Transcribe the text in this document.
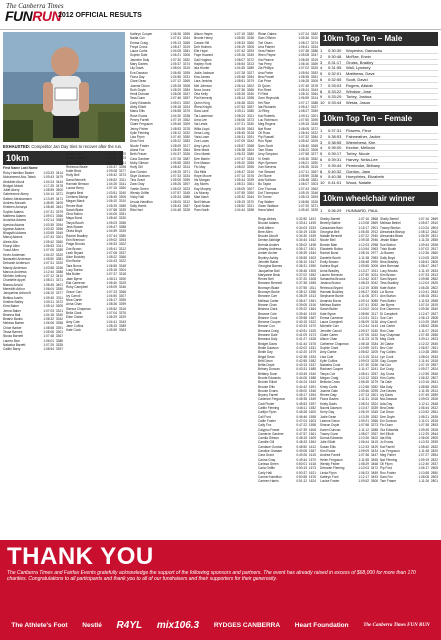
The Canberra Times
FUNRUN
2012 OFFICIAL RESULTS
EXHAUSTED: Competitor Jan Day tries to recover after the run.
10km
First Name Last Name
Ruby Hamilton Baxter	1:03:33 3414
Mohammed Abo-Tabuk	1:09:43 3479
Abdullah Aboul	1:04:24 3444
Bridget Abbott	1:17:25 3478
Juliet Abery	1:08:59 3500
Gabrieenne Abery	1:04:14 3371
Sabine Abrahamsen	1:13:49 3471
Andrew Abroath	1:46:50 3409
Kirsteen Acharya	1:08:46 3461
Sophie Adams	1:07:31 3379
Matthew Adams	1:09:01 3366
Anushka Adams	1:02:14 3383
Ayesha Adams	1:03:39 3394
Agnese Adams	1:03:32 3356
Bhagsthi Adams	1:03:59 3349
Manoj Adams	1:07:43 3301
Alexis Alla	1:05:42 3360
Kharyl Allen	1:06:53 3311
Yusuf Allen	1:07:05 3289
Kevin Andersen	1:04:22 3320
Navarathi Anderson	1:05:50 3381
Deborah Anderson	1:07:31 3320
Mandy Anderson	1:03:58 3336
Marcus Andrews	1:12:44 3388
Michele Anthony	1:07:12 3410
Chantelle Appel	1:08:21 3371
Bianca Arnold	1:08:45 3401
Meredith Arthur	1:06:04 3350
Jacqueline Ashcroft	1:06:10 3377
Bettina Austin	1:09:45 3311
Kristine Bailey	1:05:11 3372
Kirra Baker	1:05:14 3305
Jenna Baker	1:07:03 3321
Brianna Ball	1:04:18 3340
Beatriz Banks	1:08:32 3342
Melissa Barber	1:06:06 3358
Chloe Barker	1:08:58 3391
Tessa Barnes	1:05:06 3301
Nicola Barnett	1:07:48 3367
Lauren Barr	1:06:01 3386
Natasha Barrett	1:07:25 3335
Caitlin Barry	1:08:54 3397
Amber Bass	1:03:30 3370
Anabel Batten	1:05:37 3303
Kelly Baxter	1:08:03 3361
Rebecca Beale	1:04:47 3398
Katie Beck	1:09:08 3377
Holly Bell	1:05:42 3373
Dana Bennett	1:06:52 3311
Hannah Benson	1:04:26 3341
Louise Berry	1:07:16 3360
Angela Best	1:03:51 3340
Chelsea Bishop	1:08:49 3306
Megan Black	1:06:10 3310
Renee Blair	1:05:25 3385
Sarah Blake	1:07:58 3339
Gina Bolton	1:04:06 3351
Maya Bond	1:08:40 3330
Tanya Booth	1:05:03 3356
Jess Bowen	1:06:47 3388
Olivia Boyd	1:04:59 3339
Rachel Bradley	1:07:44 3380
Erin Brennan	1:09:02 3393
Paige Brooks	1:06:33 3302
Zoe Brown	1:05:41 3312
Leah Bryant	1:07:08 3337
Alice Buckley	1:08:22 3366
Kim Burke	1:04:33 3322
Tara Burns	1:06:55 3348
Lucy Burton	1:05:18 3304
Mia Butler	1:07:37 3318
Jade Byrne	1:08:11 3390
Ella Cameron	1:06:40 3325
Ruby Campbell	1:05:09 3346
Grace Carr	1:07:23 3368
Ivy Carroll	1:04:50 3307
Nina Carter	1:06:17 3355
Anna Chan	1:08:36 3399
Sienna Chapman	1:05:52 3316
Bella Clark	1:07:04 3376
Elise Clarke	1:06:29 3329
Amy Cole	1:04:41 3343
Jane Collins	1:08:15 3389
Kate Cook	1:05:59 3363
Kathryn Cooper	1:06:36 3396
Nadia Cox	1:07:51 3344
Emma Craig	1:05:13 3365
Freya Cross	1:08:47 3319
Laura Curtis	1:04:08 3381
Sophie Dale	1:06:21 3306
Jasmine Daly	1:07:30 3352
Mary Davies	1:05:37 3374
Lily Davis	1:08:04 3315
Eva Dawson	1:06:45 3395
Fiona Day	1:04:55 3331
Clare Dean	1:07:12 3369
Joanne Dixon	1:05:28 3308
Ruth Doyle	1:08:29 3384
Heidi Duncan	1:06:08 3347
Tess Dunn	1:07:46 3357
Carly Edwards	1:05:01 3392
Abby Elliott	1:08:18 3324
Maria Ellis	1:06:58 3375
Rose Evans	1:04:30 3338
Penny Farrell	1:07:19 3362
Claire Ferguson	1:05:46 3309
Jenny Fisher	1:08:53 3378
Kylie Fleming	1:06:12 3332
Lisa Flynn	1:07:40 3350
Dina Ford	1:05:22 3383
Nicole Foster	1:08:09 3317
Alana Fox	1:06:49 3364
Beth Fraser	1:04:37 3326
Cara Gardner	1:07:26 3387
Molly Gibson	1:05:55 3353
Holly Gill	1:08:42 3314
Ava Gordon	1:06:25 3371
Skye Graham	1:07:33 3334
Tina Grant	1:05:05 3359
Zara Gray	1:08:26 3397
Yvette Green	1:06:03 3323
Wendy Griffin	1:07:57 3345
Vicky Hall	1:05:34 3386
Ursula Hamilton	1:08:00 3312
Sally Harris	1:06:43 3367
Rita Hart	1:04:48 3328
Alison Hayes	1:07:15 3382
Bronte Henry	1:05:50 3336
Cassie Hill	1:08:33 3360
Deb Holmes	1:06:19 3305
Elle Hope	1:07:42 3393
Faye Howard	1:05:16 3349
Gail Hughes	1:08:07 3372
Hayley Hunt	1:06:54 3313
Isla Hunter	1:04:35 3389
Jodie Jackson	1:07:28 3327
Kira James	1:05:48 3354
Lara Jenkins	1:08:51 3379
Mel Johnson	1:06:14 3302
Nora Jones	1:07:36 3366
Orla Kelly	1:05:26 3340
Pia Kennedy	1:08:14 3398
Quinn King	1:06:38 3320
Rhea Knight	1:07:53 3357
Sara Lane	1:05:11 3385
Tia Lawrence	1:08:24 3311
Uma Lee	1:06:06 3373
Val Lewis	1:07:21 3330
Willa Lloyd	1:05:39 3363
Xena Long	1:08:45 3318
Yara Lowe	1:06:31 3391
Zoe Lucas	1:07:09 3342
Amy Lynch	1:05:57 3368
Bree Mack	1:08:38 3304
Cleo Marsh	1:06:23 3380
Dee Martin	1:07:47 3333
Eve Mason	1:05:20 3355
Flo May	1:08:02 3396
Gia Mills	1:06:47 3316
Hope Moore	1:07:14 3376
Iris Morgan	1:05:44 3339
Joy Morris	1:08:31 3361
Kay Murphy	1:06:09 3307
Liv Murray	1:07:55 3390
Mae Nash	1:05:32 3344
Nell Nelson	1:08:19 3370
Opal Nolan	1:06:52 3321
Pam North	1:04:44 3358
Rhian Oakes	1:07:24 3382
Sian O'Brien	1:05:36 3310
Tori Owen	1:08:17 3374
Una Palmer	1:06:41 3334
Vera Parker	1:07:38 3386
Wren Payne	1:05:08 3347
Xia Pearce	1:08:49 3319
Yas Perry	1:06:16 3369
Zia Phillips	1:07:02 3325
Ana Porter	1:05:54 3392
Bea Powell	1:08:35 3351
Cat Price	1:06:28 3306
Di Quinn	1:07:45 3378
Em Reed	1:05:24 3343
Fi Reid	1:08:10 3364
Gem Reynolds	1:06:59 3314
Hel Rice	1:07:17 3388
Ida Richards	1:05:47 3337
Jo Riley	1:08:27 3359
Kat Roberts	1:06:11 3301
Lou Robinson	1:07:50 3395
Meg Rogers	1:05:15 3348
Nat Rose	1:08:05 3372
Oli Ross	1:06:44 3322
Pip Russell	1:07:32 3384
Roo Ryan	1:05:42 3329
Sam Scott	1:08:40 3365
Tam Shaw	1:06:22 3308
Ursy Simpson	1:07:58 3377
Vi Smith	1:05:30 3352
Wyn Spencer	1:08:21 3390
Xan Stevens	1:06:35 3315
Yve Stewart	1:07:11 3367
Zel Stone	1:05:59 3338
Ada Sullivan	1:08:48 3381
Bo Taylor	1:06:07 3303
Cee Thomas	1:07:43 3362
Dot Thompson	1:05:19 3346
Eli Turner	1:08:13 3393
Fay Walker	1:06:56 3326
Gwen Wallace	1:07:29 3371
Hana Ward	1:05:40 3335
10km Top Ten – Male
1	0:30:30	Woyesha, Gamachu
2	0:30:48	McRae, Erwin
3	0:31:17	Groiss, Bradley
4	0:31:55	Wall, Lyndsey
5	0:32:01	Matthews, Dave
6	0:32:55	Scott, David
7	0:33:03	Rogers, Alistair
8	0:33:22	Windsor, Jose
9	0:33:29	Torley, Joshua
10 0:33:44	Westa, Jason
10km Top Ten – Female
1	0:37:31	Flowers, Fleur
2	0:38:53	Fairweather, Jackie
3	0:38:55	Wieneberst, Kim
4	0:39:00	Kecher, Melinda
5	0:39:17	Torley, Nicole
6	0:39:31	Harvey, Nella-Lee
7	0:39:44	Pembroke, Brittany
8	0:40:32	Gordon, Jane
9	0:40:38	Humphries, Elizabeth
10 0:41:01	Wood, Natalie
10km wheelchair winner
1	0:36:29	HUNNARD, PAUL
Ringo Abbey	0:32:50 1491
Brooke Adams	0:33:41 1495
Kelli Aitken	0:34:03 1533
Bree Allen	0:34:19 1536
Brooke Alcroft	0:34:30 1539
Denise Aldridge	0:34:44 1542
Brenda Anders	0:35:02 1498
Ainsley Andrews	0:35:17 1501
Amber Archer	0:35:39 1544
Brynley Ashby	0:35:55 1503
Jennifer Baker	0:36:10 1547
Georgina Barnes	0:36:31 1550
Jacqueline Ball	0:36:46 1505
Maryanne Beck	0:37:02 1552
Renee Bell	0:37:20 1508
Breanne Bennett	0:37:38 1555
Bronwyn Blake	0:37:55 1511
Bronwyn Burke	0:38:12 1558
Breanne Carr	0:38:29 1513
Melissa Carter	0:38:47 1561
Breann Chan	0:39:05 1516
Brianna Clark	0:39:22 1564
Brearne Cole	0:39:40 1519
Brianne Cook	0:39:58 1567
Brearne Cooper	0:40:15 1522
Breann Cox	0:40:33 1570
Breanna Craig	0:40:51 1525
Breanne Dale	0:41:09 1573
Breanna Daly	0:41:27 1528
Bridget Davis	0:41:44 1576
Bridie Dawson	0:42:02 1531
Bridie Day	0:42:20 1579
Brigid Dean	0:42:38 1534
Britt Dixon	0:42:55 1582
Britta Doyle	0:43:13 1537
Britney Duncan	0:43:31 1585
Brittany Dunn	0:43:49 1540
Bronte Edwards	0:44:06 1588
Brooke Elliott	0:44:24 1543
Brooke Ellis	0:44:42 1591
Brooke Evans	0:45:00 1546
Bryony Farrell	0:45:17 1594
Cadence Ferguson	0:45:35 1549
Cadi Fisher	0:45:53 1597
Caitlin Fleming	0:46:11 1552
Caitlyn Flynn	0:46:28 1600
Cali Ford	0:46:46 1555
Callie Foster	0:47:04 1603
Cally Fox	0:47:22 1558
Calypso Fraser	0:47:39 1606
Cameron Gardner	0:47:57 1561
Camila Gibson	0:48:15 1609
Camille Gill	0:48:33 1564
Candace Gordon	0:48:50 1612
Candice Graham	0:49:08 1567
Cara Grant	0:49:26 1615
Carina Gray	0:49:44 1570
Carissa Green	0:50:01 1618
Carla Griffin	0:50:19 1573
Carly Hall	0:50:37 1621
Carmel Hamilton	0:50:55 1576
Carmen Harris	0:51:12 1624
Shelby Barrett	1:07:16 2868
Beverly Bathie	1:10:08 2869
Cassandra Bain	1:15:17 2901
Georgina Bell	1:05:35 2912
Natalie Bennett	1:07:22 2940
Nicole Bird	1:09:28 2946
Bonnie Blair	1:12:03 2958
Elizabeth Bolton	1:10:54 2963
Rachel Bond	1:08:15 2977
Danielle Booth	1:11:38 2983
Emily Bowen	1:06:48 2990
Katrina Boyd	1:09:55 3006
Anna Bradley	1:13:27 3011
Lauren Brennan	1:07:50 3024
Samantha Brooks	1:10:42 3037
Jessica Brown	1:08:33 3042
Rebecca Bryant	1:12:19 3055
Hannah Buckley	1:06:27 3063
Stephanie Burke	1:11:06 3071
Amanda Burns	1:09:14 3085
Melissa Burton	1:07:41 3092
Sarah Butler	1:13:02 3104
Kate Byrne	1:08:56 3117
Emma Cameron	1:10:31 3121
Laura Campbell	1:06:09 3136
Michelle Carr	1:12:44 3143
Jennifer Carroll	1:09:37 3150
Claire Carter	1:07:05 3162
Alison Chan	1:11:23 3178
Catherine Chapman	1:08:18 3184
Sophie Clark	1:10:59 3191
Amy Clarke	1:06:52 3205
Lisa Cole	1:13:15 3214
Kylie Collins	1:09:03 3228
Natasha Cook	1:07:30 3236
Rachael Cooper	1:11:47 3241
Tanya Cox	1:08:41 3257
Megan Craig	1:10:12 3263
Belinda Cross	1:06:35 3279
Kirsty Curtis	1:12:58 3282
Joanne Dale	1:09:46 3295
Renee Daly	1:07:13 3301
Fiona Davies	1:11:31 3318
Kristy Davis	1:08:24 3324
Naomi Dawson	1:10:47 3339
Kerry Day	1:06:19 3345
Jodie Dean	1:13:39 3352
Leanne Dixon	1:09:21 3366
Sharon Doyle	1:07:58 3373
Karen Duncan	1:11:12 3388
Tracey Dunn	1:08:07 3397
Donna Edwards	1:10:26 3402
Julie Elliott	1:06:44 3415
Susan Ellis	1:12:33 3429
Kim Evans	1:09:09 3434
Andrea Farrell	1:07:36 3447
Helen Ferguson	1:11:55 3455
Wendy Fisher	1:08:29 3468
Deborah Fleming	1:10:03 3472
Linda Flynn	1:06:23 3489
Kathryn Ford	1:12:17 3493
Louise Foster	1:09:52 3506
Shelly Bertell	1:07:16 2869
Melissa Bethel	1:05:57 2810
Tracey Bindon	1:10:24 2804
Alexandra Bishop	1:08:12 2842
Alexandra Black	1:06:39 2821
Jessie Blake	1:11:28 2855
Sue Bolton	1:09:44 2838
Trish Booth	1:07:02 2817
Jo Bowen	1:12:36 2860
Sally Boyd	1:10:05 2829
Nina Bradley	1:06:51 2806
Alex Brennan	1:08:47 2847
Lucy Brooks	1:11:19 2834
Kim Brown	1:07:33 2813
Sam Bryant	1:09:58 2852
Tess Buckley	1:12:04 2825
Kate Burke	1:06:28 2802
Liz Burns	1:10:41 2843
Ann Burton	1:08:15 2831
Pam Butler	1:11:53 2858
Jan Byrne	1:07:24 2819
Eve Cameron	1:09:36 2840
Di Campbell	1:12:47 2827
Sue Carr	1:06:13 2808
Amy Carroll	1:10:29 2849
Lea Carter	1:08:52 2836
Ros Chan	1:11:07 2815
Kay Chapman	1:07:45 2856
Meg Clark	1:09:11 2823
Jill Clarke	1:12:22 2845
Bev Cole	1:06:57 2811
Fay Collins	1:10:38 2850
Lyn Cook	1:08:04 2833
Gay Cooper	1:11:44 2818
Val Cox	1:07:19 2857
Dot Craig	1:09:27 2824
Joy Cross	1:12:55 2846
Kim Curtis	1:06:32 2807
Tia Dale	1:10:16 2841
Mia Daly	1:08:58 2830
Zoe Davies	1:11:35 2814
Ivy Davis	1:07:49 2859
Nia Dawson	1:09:03 2826
Ada Day	1:12:11 2848
Bea Dean	1:06:44 2812
Cat Dixon	1:10:52 2851
Dee Doyle	1:08:21 2835
Em Duncan	1:11:01 2816
Flo Dunn	1:07:38 2853
Gia Edwards	1:09:49 2828
Hel Elliott	1:12:29 2844
Ida Ellis	1:06:06 2809
Jo Evans	1:10:33 2839
Kat Farrell	1:08:40 2832
Lou Ferguson	1:11:48 2820
Meg Fisher	1:07:27 2854
Nat Fleming	1:09:19 2822
Oli Flynn	1:12:40 2837
Pip Ford	1:06:17 2805
Roo Foster	1:10:58 2850
Sam Fox	1:08:08 2803
Tam Fraser	1:11:26 2801
THANK YOU
The Canberra Times and Fairfax Events gratefully acknowledge the support of the following sponsors and partners. The event has already raised in excess of $68,000 for more than 170 charities. Congratulations to all participants and thank you to all of our fundraisers and their supporters for their generosity.
The Athlete's Foot Nestlé R4YL mix106.3 RYDGES CANBERRA Heart Foundation	The Canberra Times FUN RUN
